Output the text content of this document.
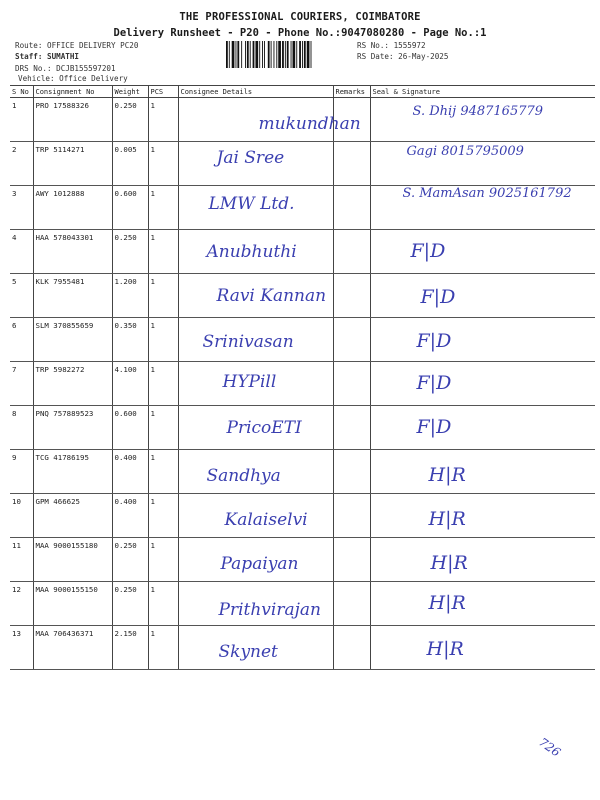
THE PROFESSIONAL COURIERS, COIMBATORE
Delivery Runsheet - P20 - Phone No.:9047080280 - Page No.:1
Route: OFFICE DELIVERY PC20
Staff: SUMATHI
DRS No.: DCJB155597201
Vehicle: Office Delivery
RS No.: 1555972
RS Date: 26-May-2025
S No	Consignment No	Weight	PCS	Consignee Details	Remarks	Seal & Signature
1	PRO 17588326	0.250	1	mukundhan		S. Dhij 9487165779

2	TRP 5114271	0.005	1	Jai Sree		Gagi 8015795009

3	AWY 1012888	0.600	1	LMW Ltd.		S. MamAsan 9025161792

4	HAA 578043301	0.250	1	Anubhuthi		F|D

5	KLK 7955481	1.200	1	Ravi Kannan		F|D

6	SLM 370855659	0.350	1	Srinivasan		F|D

7	TRP 5982272	4.100	1	HYPill		F|D

8	PNQ 757889523	0.600	1	PricoETI		F|D

9	TCG 41786195	0.400	1	Sandhya		H|R

10	GPM 466625	0.400	1	Kalaiselvi		H|R

11	MAA 9000155180	0.250	1	Papaiyan		H|R

12	MAA 9000155150	0.250	1	Prithvirajan		H|R

13	MAA 706436371	2.150	1	Skynet		H|R
726
